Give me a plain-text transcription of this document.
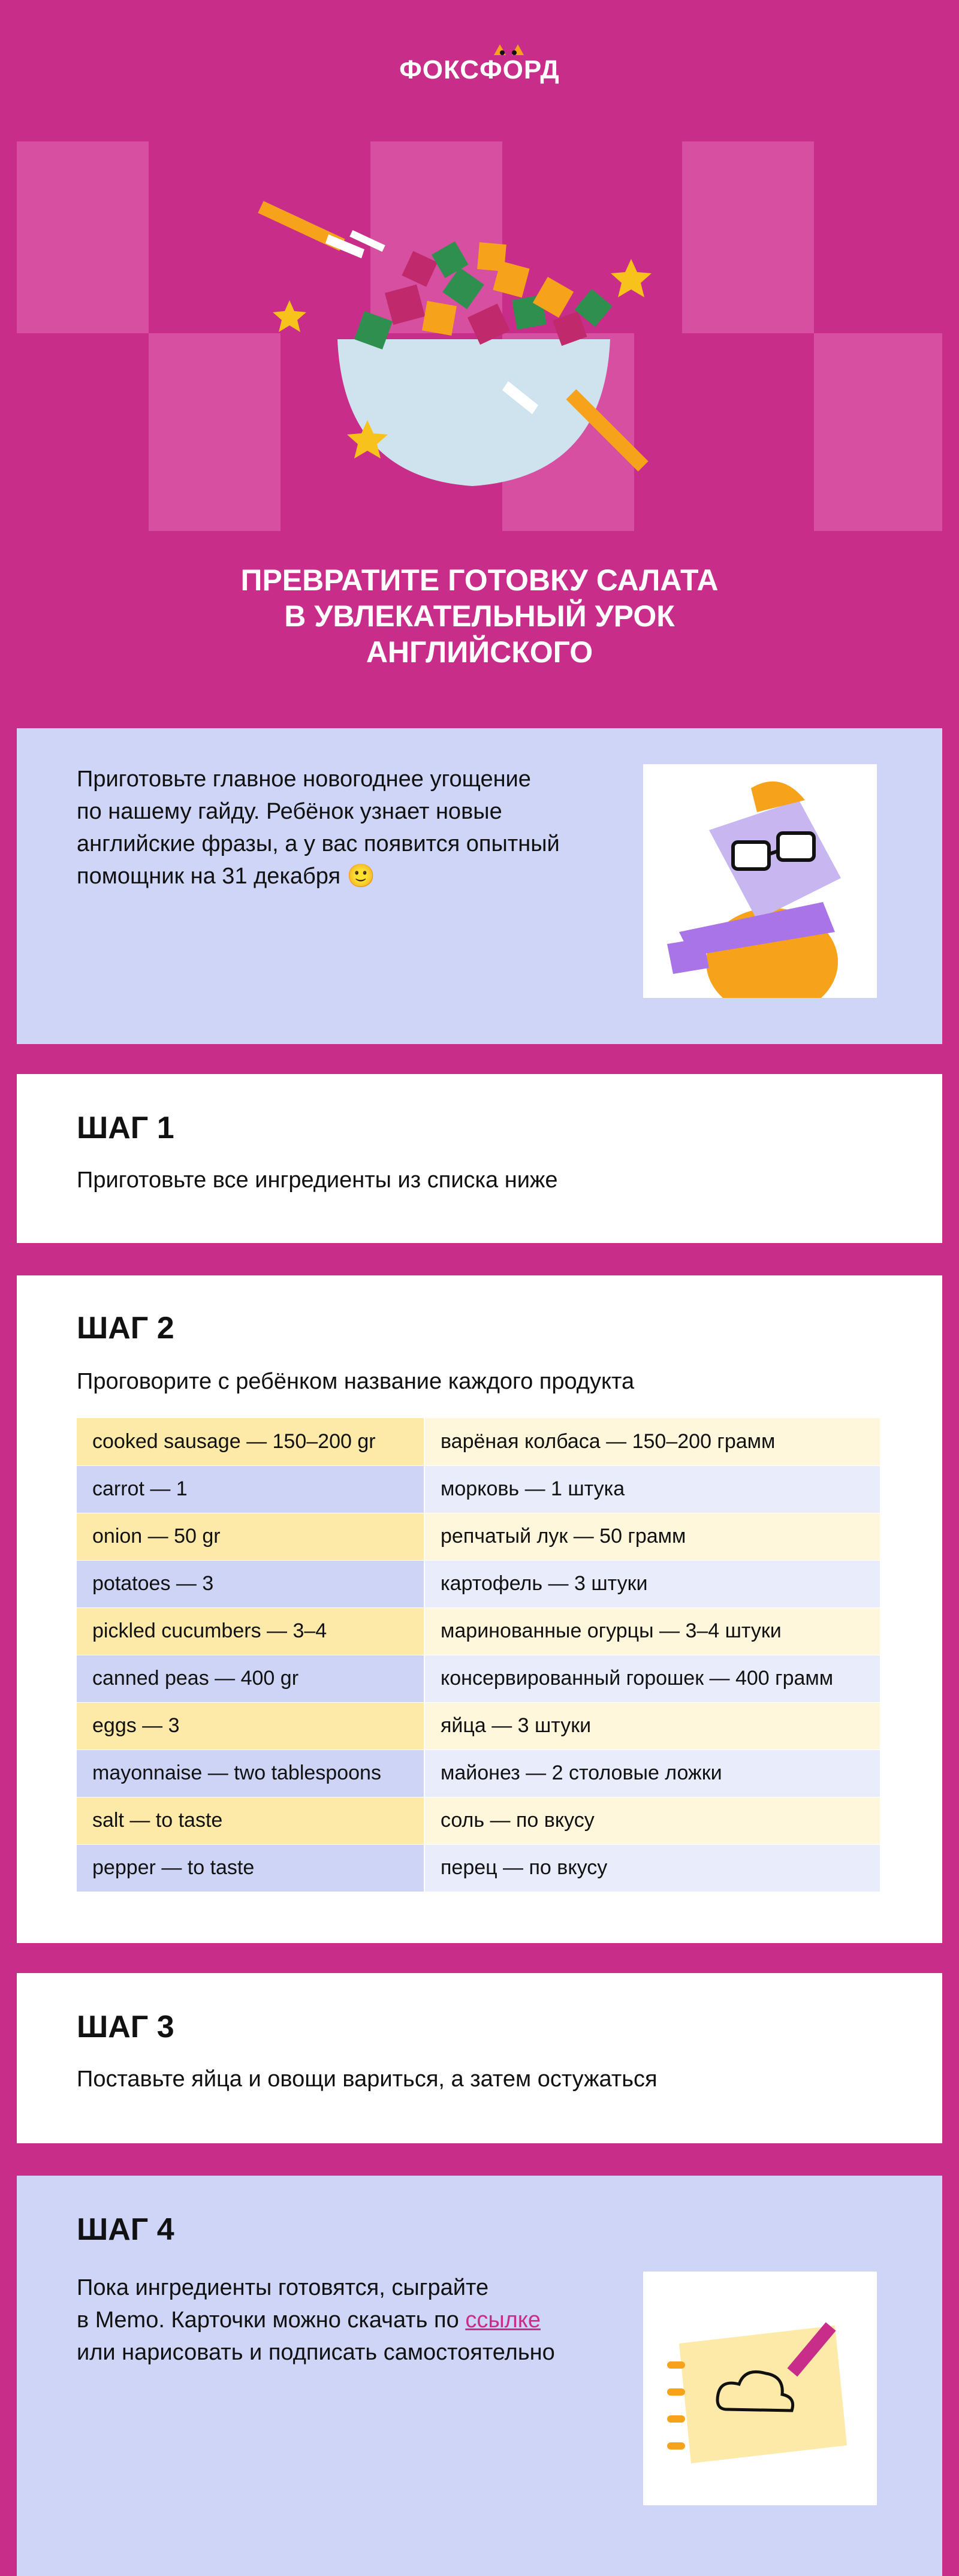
ФОКСФОРД
ПРЕВРАТИТЕ ГОТОВКУ САЛАТА
В УВЛЕКАТЕЛЬНЫЙ УРОК
АНГЛИЙСКОГО
Приготовьте главное новогоднее угощение
по нашему гайду. Ребёнок узнает новые
английские фразы, а у вас появится опытный
помощник на 31 декабря 🙂
ШАГ 1
Приготовьте все ингредиенты из списка ниже
ШАГ 2
Проговорите с ребёнком название каждого продукта
cooked sausage — 150–200 gr	варёная колбаса — 150–200 грамм
carrot — 1	морковь — 1 штука
onion — 50 gr	репчатый лук — 50 грамм
potatoes — 3	картофель — 3 штуки
pickled cucumbers — 3–4	маринованные огурцы — 3–4 штуки
canned peas — 400 gr	консервированный горошек — 400 грамм
eggs — 3	яйца — 3 штуки
mayonnaise — two tablespoons	майонез — 2 столовые ложки
salt — to taste	соль — по вкусу
pepper — to taste	перец — по вкусу
ШАГ 3
Поставьте яйца и овощи вариться, а затем остужаться
ШАГ 4
Пока ингредиенты готовятся, сыграйте
в Memo. Карточки можно скачать по ссылке
или нарисовать и подписать самостоятельно
